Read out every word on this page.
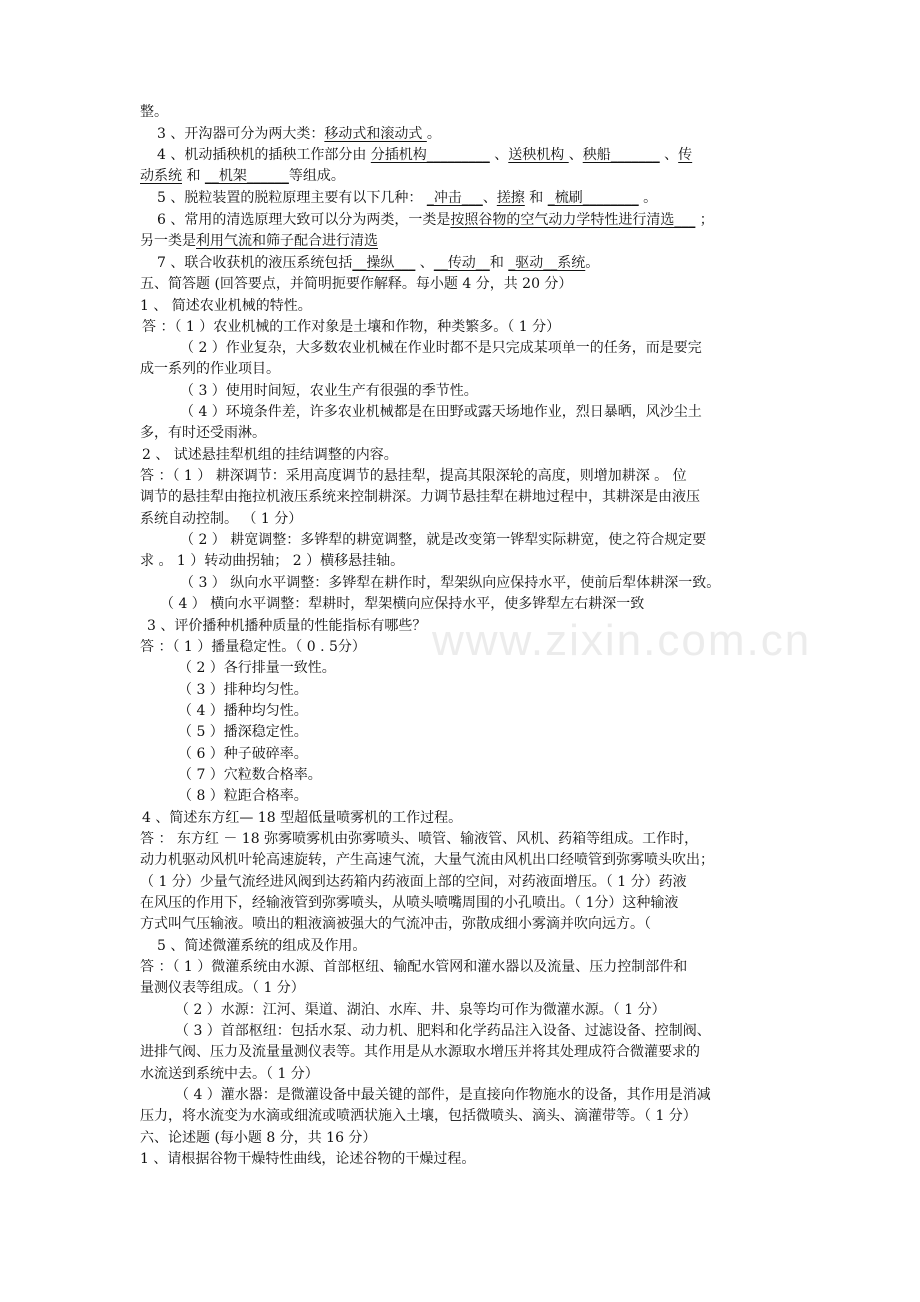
www.zixin.com.cn
整。
3 、开沟器可分为两大类：移动式和滚动式 。
4 、机动插秧机的插秧工作部分由 分插机构_________ 、送秧机构 、秧船_______ 、传
动系统 和 __机架______等组成。
5 、脱粒装置的脱粒原理主要有以下几种： _冲击___、搓擦 和 _梳刷________ 。
6 、常用的清选原理大致可以分为两类，一类是按照谷物的空气动力学特性进行清选___ ；
另一类是利用气流和筛子配合进行清选
7 、联合收获机的液压系统包括__操纵___ 、__传动__和 _驱动__系统。
五、简答题 (回答要点，并简明扼要作解释。每小题 4 分，共 20 分）
1 、 简述农业机械的特性。
答 ：（ 1 ）农业机械的工作对象是土壤和作物，种类繁多。（ 1 分）
（ 2 ）作业复杂，大多数农业机械在作业时都不是只完成某项单一的任务，而是要完
成一系列的作业项目。
（ 3 ）使用时间短，农业生产有很强的季节性。
（ 4 ）环境条件差，许多农业机械都是在田野或露天场地作业，烈日暴晒，风沙尘土
多，有时还受雨淋。
2 、 试述悬挂犁机组的挂结调整的内容。
答 ：（ 1 ） 耕深调节：采用高度调节的悬挂犁，提高其限深轮的高度，则增加耕深 。 位
调节的悬挂犁由拖拉机液压系统来控制耕深。力调节悬挂犁在耕地过程中，其耕深是由液压
系统自动控制。 （ 1 分）
（ 2 ） 耕宽调整：多铧犁的耕宽调整，就是改变第一铧犁实际耕宽，使之符合规定要
求 。 1 ）转动曲拐轴； 2 ）横移悬挂轴。
（ 3 ） 纵向水平调整：多铧犁在耕作时，犁架纵向应保持水平，使前后犁体耕深一致。
（ 4 ） 横向水平调整：犁耕时，犁架横向应保持水平，使多铧犁左右耕深一致
3 、评价播种机播种质量的性能指标有哪些？
答 ：（ 1 ）播量稳定性。（ 0 . 5分）
（ 2 ）各行排量一致性。
（ 3 ）排种均匀性。
（ 4 ）播种均匀性。
（ 5 ）播深稳定性。
（ 6 ）种子破碎率。
（ 7 ）穴粒数合格率。
（ 8 ）粒距合格率。
4 、简述东方红— 18 型超低量喷雾机的工作过程。
答 ： 东方红 － 18 弥雾喷雾机由弥雾喷头、喷管、输液管、风机、药箱等组成。工作时，
动力机驱动风机叶轮高速旋转，产生高速气流，大量气流由风机出口经喷管到弥雾喷头吹出；
（ 1 分）少量气流经进风阀到达药箱内药液面上部的空间，对药液面增压。（ 1 分）药液
在风压的作用下，经输液管到弥雾喷头，从喷头喷嘴周围的小孔喷出。（ 1分）这种输液
方式叫气压输液。喷出的粗液滴被强大的气流冲击，弥散成细小雾滴并吹向远方。（
5 、简述微灌系统的组成及作用。
答 ：（ 1 ）微灌系统由水源、首部枢纽、输配水管网和灌水器以及流量、压力控制部件和
量测仪表等组成。（ 1 分）
（ 2 ）水源：江河、渠道、湖泊、水库、井、泉等均可作为微灌水源。（ 1 分）
（ 3 ）首部枢纽：包括水泵、动力机、肥料和化学药品注入设备、过滤设备、控制阀、
进排气阀、压力及流量量测仪表等。其作用是从水源取水增压并将其处理成符合微灌要求的
水流送到系统中去。（ 1 分）
（ 4 ）灌水器：是微灌设备中最关键的部件，是直接向作物施水的设备，其作用是消减
压力，将水流变为水滴或细流或喷洒状施入土壤，包括微喷头、滴头、滴灌带等。（ 1 分）
六、论述题 (每小题 8 分，共 16 分）
1 、请根据谷物干燥特性曲线，论述谷物的干燥过程。
